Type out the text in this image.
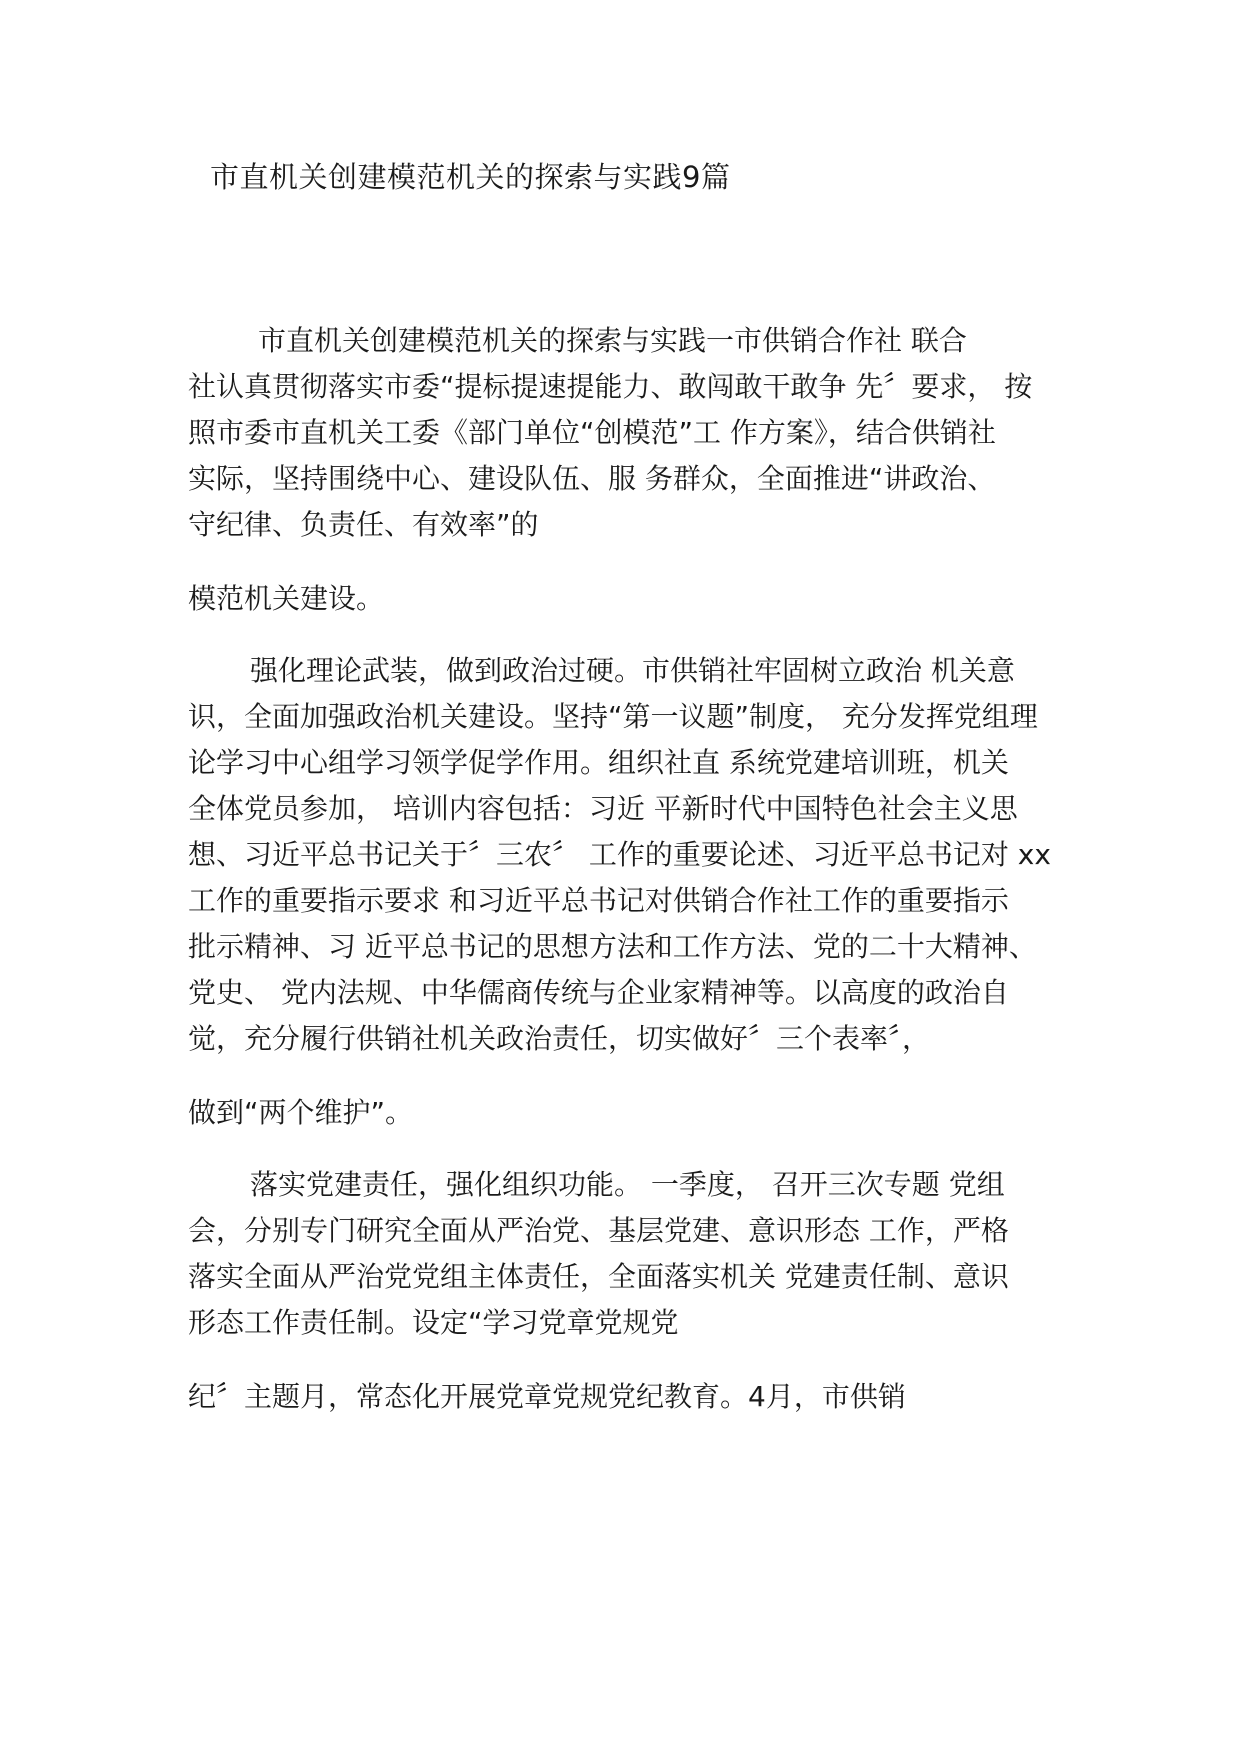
市直机关创建模范机关的探索与实践9篇
市直机关创建模范机关的探索与实践一市供销合作社 联合
社认真贯彻落实市委“提标提速提能力、敢闯敢干敢争 先〞要求， 按
照市委市直机关工委《部门单位“创模范”工 作方案》，结合供销社
实际，坚持围绕中心、建设队伍、服 务群众，全面推进“讲政治、
守纪律、负责任、有效率”的
模范机关建设。
强化理论武装，做到政治过硬。市供销社牢固树立政治 机关意
识，全面加强政治机关建设。坚持“第一议题”制度， 充分发挥党组理
论学习中心组学习领学促学作用。组织社直 系统党建培训班，机关
全体党员参加， 培训内容包括：习近 平新时代中国特色社会主义思
想、习近平总书记关于〞三农〞 工作的重要论述、习近平总书记对 xx
工作的重要指示要求 和习近平总书记对供销合作社工作的重要指示
批示精神、习 近平总书记的思想方法和工作方法、党的二十大精神、
党史、 党内法规、中华儒商传统与企业家精神等。以高度的政治自
觉，充分履行供销社机关政治责任，切实做好〞三个表率〞，
做到“两个维护”。
落实党建责任，强化组织功能。 一季度， 召开三次专题 党组
会，分别专门研究全面从严治党、基层党建、意识形态 工作，严格
落实全面从严治党党组主体责任，全面落实机关 党建责任制、意识
形态工作责任制。设定“学习党章党规党
纪〞主题月，常态化开展党章党规党纪教育。4月，市供销
